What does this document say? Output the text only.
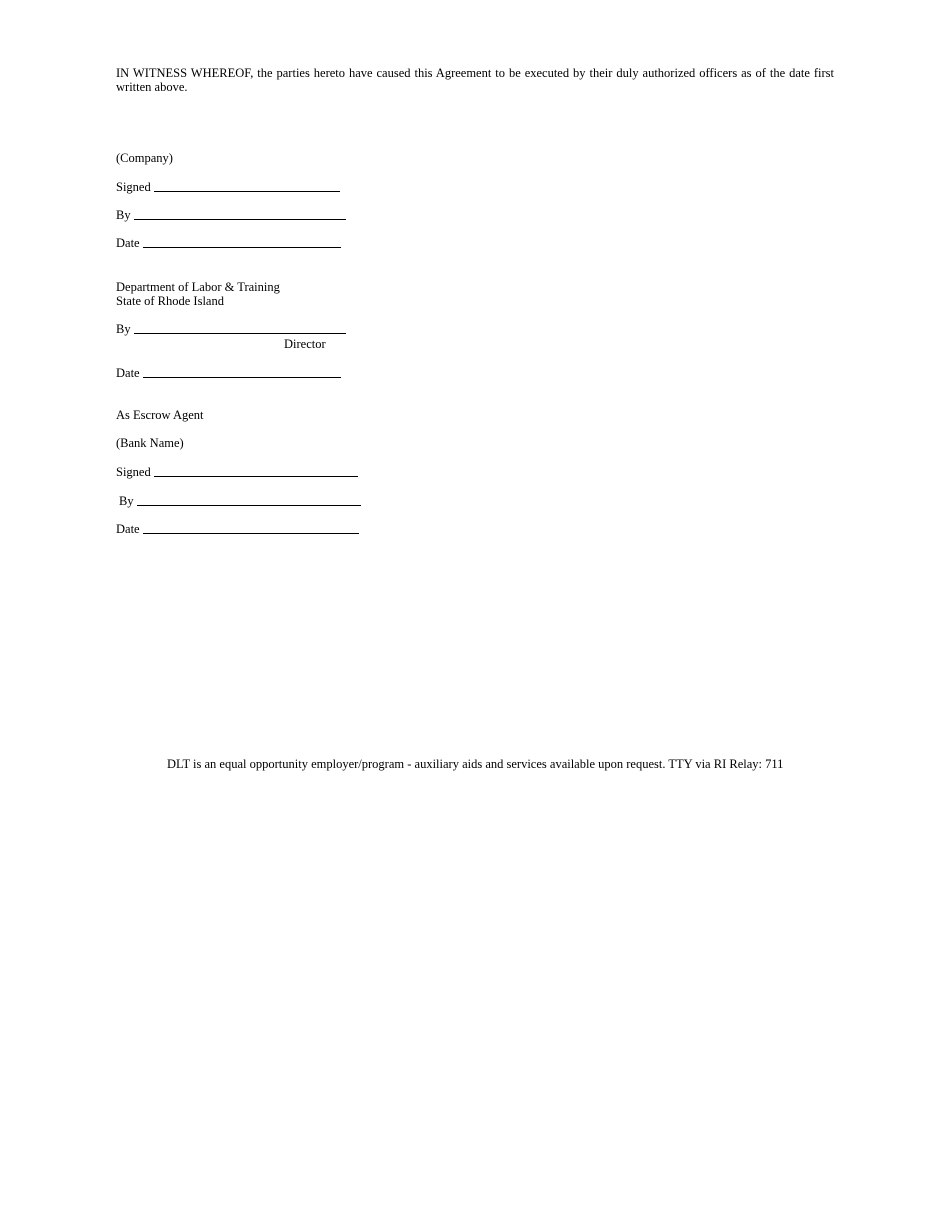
IN WITNESS WHEREOF, the parties hereto have caused this Agreement to be executed by their duly authorized officers as of the date first written above.
(Company)
Signed
By
Date
Department of Labor & Training
State of Rhode Island
By
Director
Date
As Escrow Agent
(Bank Name)
Signed
By
Date
DLT is an equal opportunity employer/program - auxiliary aids and services available upon request. TTY via RI Relay: 711
